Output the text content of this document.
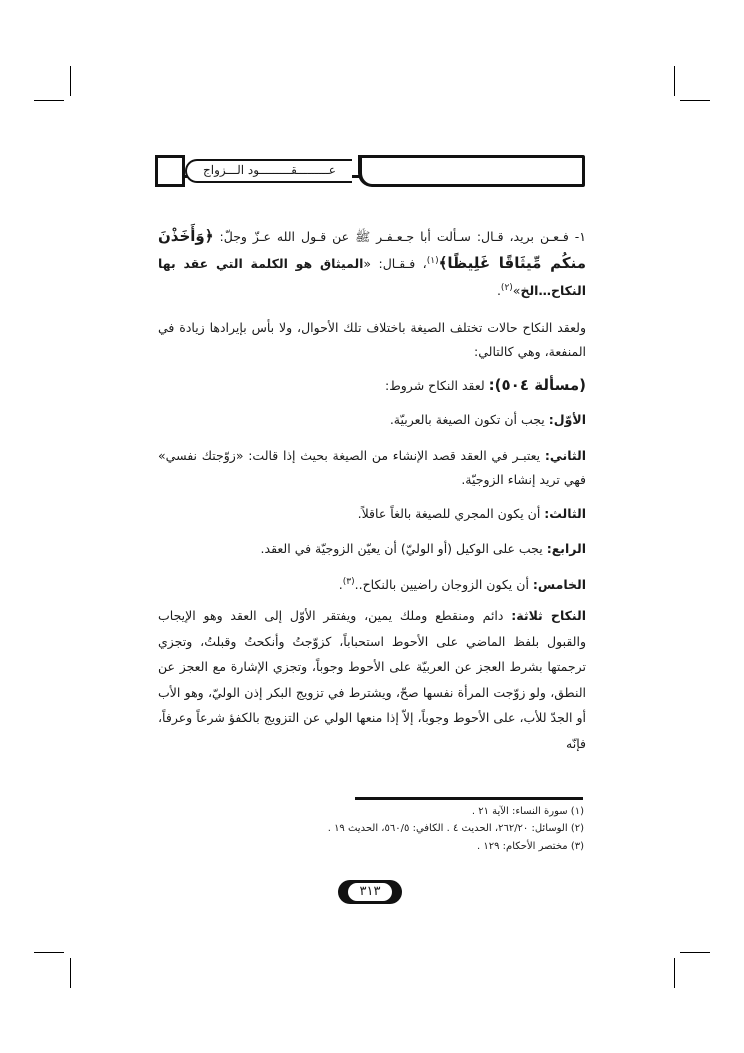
عـــــــــقـــــــــود الـــزواج
١- فـعـن بريد، قـال: سـألت أبا جـعـفـر ﷺ عن قـول الله عـزّ وجلّ: ﴿وَأَخَذْنَ منكُم مِّيثَاقًا غَلِيظًا﴾$^{(١)}$، فـقـال: «الميثاق هو الكلمة التي عقد بها النكاح…الخ»$^{(٢)}$.
ولعقد النكاح حالات تختلف الصيغة باختلاف تلك الأحوال، ولا بأس بإيرادها زيادة في المنفعة، وهي كالتالي:
(مسألة ٥٠٤): لعقد النكاح شروط:
الأوّل: يجب أن تكون الصيغة بالعربيّة.
الثاني: يعتبـر في العقد قصد الإنشاء من الصيغة بحيث إذا قالت: «زوّجتك نفسي» فهي تريد إنشاء الزوجيّة.
الثالث: أن يكون المجري للصيغة بالغاً عاقلاً.
الرابع: يجب على الوكيل (أو الوليّ) أن يعيّن الزوجيّة في العقد.
الخامس: أن يكون الزوجان راضيين بالنكاح..$^{(٣)}$.
النكاح ثلاثة: دائم ومنقطع وملك يمين، ويفتقر الأوّل إلى العقد وهو الإيجاب والقبول بلفظ الماضي على الأحوط استحباباً، كزوّجتُ وأنكحتُ وقبلتُ، وتجزي ترجمتها بشرط العجز عن العربيّة على الأحوط وجوباً، وتجزي الإشارة مع العجز عن النطق، ولو زوّجت المرأة نفسها صحّ، ويشترط في تزويج البكر إذن الوليّ، وهو الأب أو الجدّ للأب، على الأحوط وجوباً، إلاّ إذا منعها الولي عن التزويج بالكفؤ شرعاً وعرفاً، فإنّه
(١) سورة النساء: الآية ٢١ .
(٢) الوسائل: ٢٦٢/٢٠، الحديث ٤ . الكافي: ٥٦٠/٥، الحديث ١٩ .
(٣) مختصر الأحكام: ١٢٩ .
٣١٣
